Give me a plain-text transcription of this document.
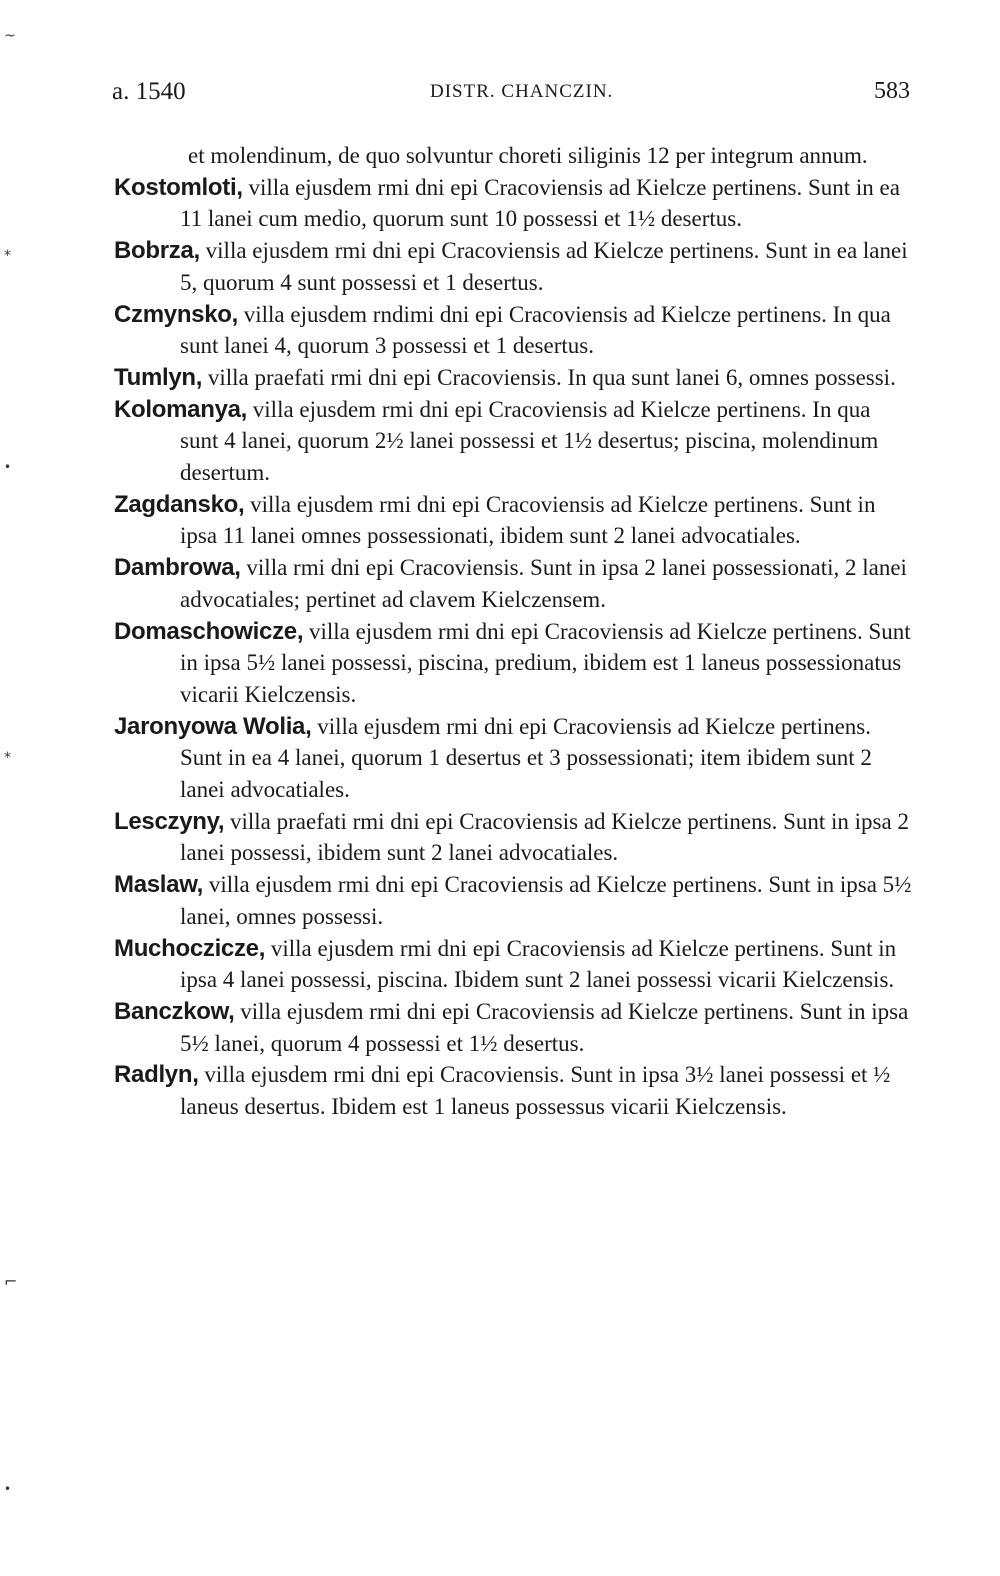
a. 1540	DISTR. CHANCZIN.	583

et molendinum, de quo solvuntur choreti siliginis 12 per integrum annum.

Kostomloti, villa ejusdem rmi dni epi Cracoviensis ad Kielcze pertinens. Sunt in ea 11 lanei cum medio, quorum sunt 10 possessi et 1½ desertus.

Bobrza, villa ejusdem rmi dni epi Cracoviensis ad Kielcze pertinens. Sunt in ea lanei 5, quorum 4 sunt possessi et 1 desertus.

Czmynsko, villa ejusdem rndimi dni epi Cracoviensis ad Kielcze pertinens. In qua sunt lanei 4, quorum 3 possessi et 1 desertus.

Tumlyn, villa praefati rmi dni epi Cracoviensis. In qua sunt lanei 6, omnes possessi.

Kolomanya, villa ejusdem rmi dni epi Cracoviensis ad Kielcze pertinens. In qua sunt 4 lanei, quorum 2½ lanei possessi et 1½ desertus; piscina, molendinum desertum.

Zagdansko, villa ejusdem rmi dni epi Cracoviensis ad Kielcze pertinens. Sunt in ipsa 11 lanei omnes possessionati, ibidem sunt 2 lanei advocatiales.

Dambrowa, villa rmi dni epi Cracoviensis. Sunt in ipsa 2 lanei possessionati, 2 lanei advocatiales; pertinet ad clavem Kielczensem.

Domaschowicze, villa ejusdem rmi dni epi Cracoviensis ad Kielcze pertinens. Sunt in ipsa 5½ lanei possessi, piscina, predium, ibidem est 1 laneus possessionatus vicarii Kielczensis.

Jaronyowa Wolia, villa ejusdem rmi dni epi Cracoviensis ad Kielcze pertinens. Sunt in ea 4 lanei, quorum 1 desertus et 3 possessionati; item ibidem sunt 2 lanei advocatiales.

Lesczyny, villa praefati rmi dni epi Cracoviensis ad Kielcze pertinens. Sunt in ipsa 2 lanei possessi, ibidem sunt 2 lanei advocatiales.

Maslaw, villa ejusdem rmi dni epi Cracoviensis ad Kielcze pertinens. Sunt in ipsa 5½ lanei, omnes possessi.

Muchoczicze, villa ejusdem rmi dni epi Cracoviensis ad Kielcze pertinens. Sunt in ipsa 4 lanei possessi, piscina. Ibidem sunt 2 lanei possessi vicarii Kielczensis.

Banczkow, villa ejusdem rmi dni epi Cracoviensis ad Kielcze pertinens. Sunt in ipsa 5½ lanei, quorum 4 possessi et 1½ desertus.

Radlyn, villa ejusdem rmi dni epi Cracoviensis. Sunt in ipsa 3½ lanei possessi et ½ laneus desertus. Ibidem est 1 laneus possessus vicarii Kielczensis.

~
*
•
*
⌐
•
